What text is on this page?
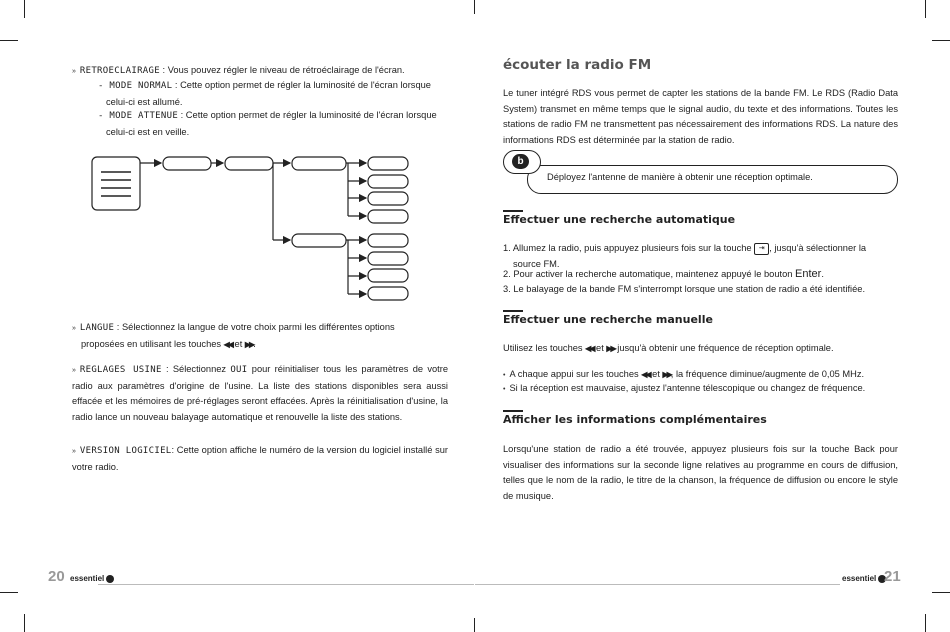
» RETROECLAIRAGE : Vous pouvez régler le niveau de rétroéclairage de l'écran.
- MODE NORMAL : Cette option permet de régler la luminosité de l'écran lorsque
celui-ci est allumé.
- MODE ATTENUE : Cette option permet de régler la luminosité de l'écran lorsque
celui-ci est en veille.
» LANGUE : Sélectionnez la langue de votre choix parmi les différentes options
proposées en utilisant les touches ◀◀ et ▶▶.
» REGLAGES USINE : Sélectionnez OUI pour réinitialiser tous les paramètres de votre radio aux paramètres d'origine de l'usine. La liste des stations disponibles sera aussi effacée et les mémoires de pré-réglages seront effacées. Après la réinitialisation d'usine, la radio lance un nouveau balayage automatique et renouvelle la liste des stations.
» VERSION LOGICIEL: Cette option affiche le numéro de la version du logiciel installé sur votre radio.
20 essentiel
écouter la radio FM
Le tuner intégré RDS vous permet de capter les stations de la bande FM. Le RDS (Radio Data System) transmet en même temps que le signal audio, du texte et des informations. Toutes les stations de radio FM ne transmettent pas nécessairement des informations RDS. La nature des informations RDS est déterminée par la station de radio.
b
Déployez l'antenne de manière à obtenir une réception optimale.
Effectuer une recherche automatique
1. Allumez la radio, puis appuyez plusieurs fois sur la touche ⇥ , jusqu'à sélectionner la
source FM.
2. Pour activer la recherche automatique, maintenez appuyé le bouton Enter.
3. Le balayage de la bande FM s'interrompt lorsque une station de radio a été identifiée.
Effectuer une recherche manuelle
Utilisez les touches ◀◀ et ▶▶ jusqu'à obtenir une fréquence de réception optimale.
• A chaque appui sur les touches ◀◀ et ▶▶, la fréquence diminue/augmente de 0,05 MHz.
• Si la réception est mauvaise, ajustez l'antenne télescopique ou changez de fréquence.
Afficher les informations complémentaires
Lorsqu'une station de radio a été trouvée, appuyez plusieurs fois sur la touche Back pour visualiser des informations sur la seconde ligne relatives au programme en cours de diffusion, telles que le nom de la radio, le titre de la chanson, la fréquence de diffusion ou encore le style de musique.
essentiel 21
